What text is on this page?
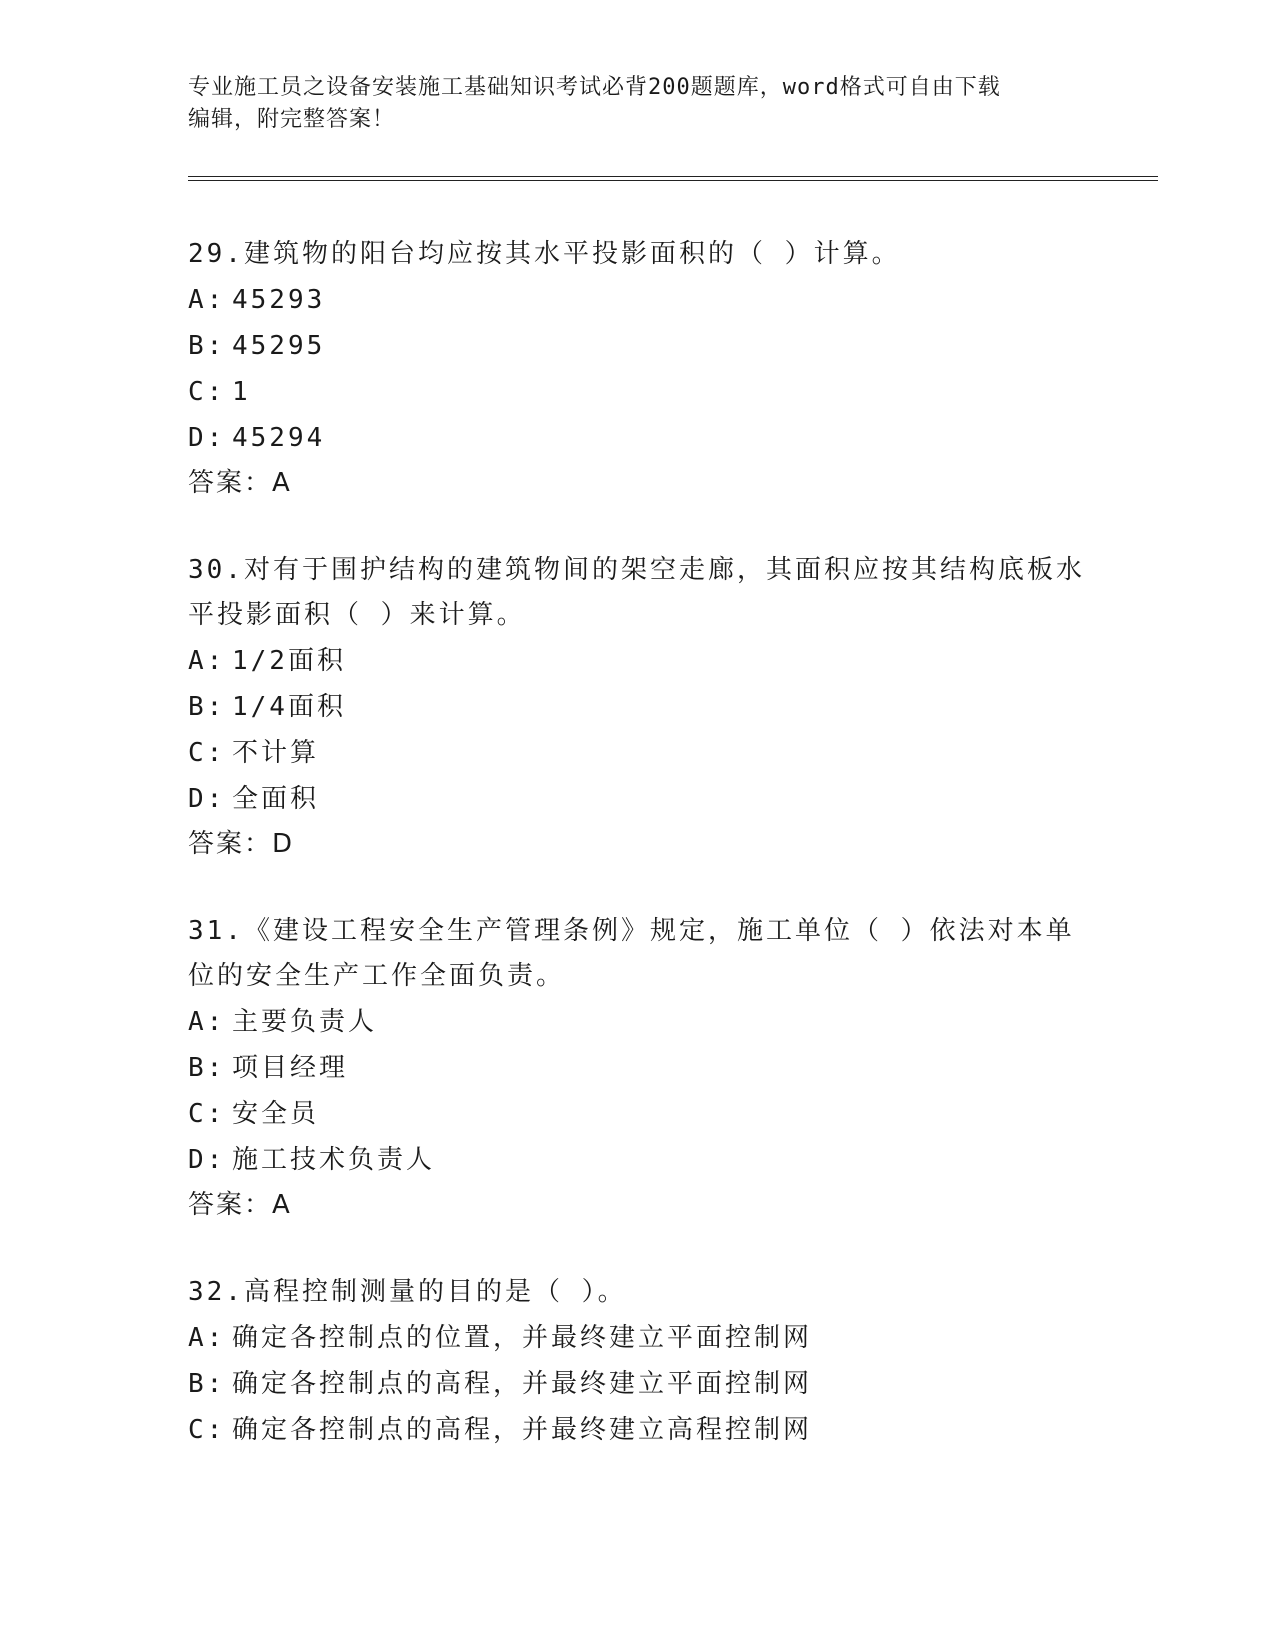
专业施工员之设备安装施工基础知识考试必背200题题库，word格式可自由下载
编辑，附完整答案！

29.建筑物的阳台均应按其水平投影面积的（ ）计算。

A: 45293

B: 45295

C: 1

D: 45294

答案：A

30.对有于围护结构的建筑物间的架空走廊，其面积应按其结构底板水

平投影面积（ ）来计算。

A: 1/2面积

B: 1/4面积

C: 不计算

D: 全面积

答案：D

31.《建设工程安全生产管理条例》规定，施工单位（ ）依法对本单

位的安全生产工作全面负责。

A: 主要负责人

B: 项目经理

C: 安全员

D: 施工技术负责人

答案：A

32.高程控制测量的目的是（ ）。

A: 确定各控制点的位置，并最终建立平面控制网

B: 确定各控制点的高程，并最终建立平面控制网

C: 确定各控制点的高程，并最终建立高程控制网
